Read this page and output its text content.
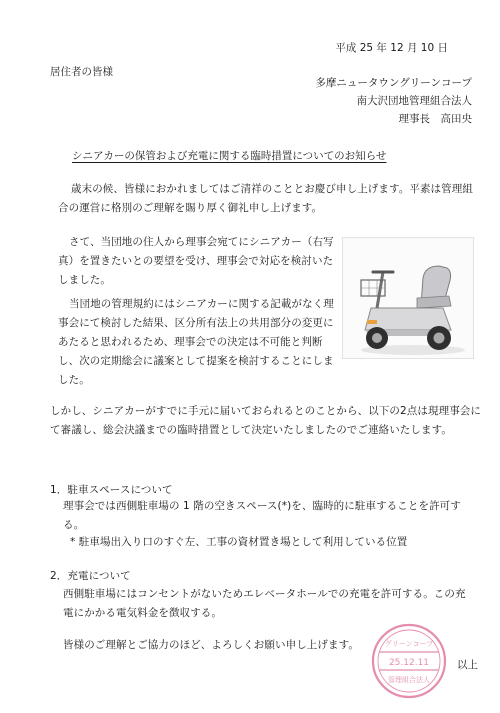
平成 25 年 12 月 10 日
居住者の皆様
多摩ニュータウングリーンコープ
南大沢団地管理組合法人
理事長　高田央
シニアカーの保管および充電に関する臨時措置についてのお知らせ
歳末の候、皆様におかれましてはご清祥のこととお慶び申し上げます。平素は管理組合の運営に格別のご理解を賜り厚く御礼申し上げます。
さて、当団地の住人から理事会宛てにシニアカー（右写真）を置きたいとの要望を受け、理事会で対応を検討いたしました。
当団地の管理規約にはシニアカーに関する記載がなく理事会にて検討した結果、区分所有法上の共用部分の変更にあたると思われるため、理事会での決定は不可能と判断し、次の定期総会に議案として提案を検討することにしました。
しかし、シニアカーがすでに手元に届いておられるとのことから、以下の2点は現理事会にて審議し、総会決議までの臨時措置として決定いたしましたのでご連絡いたします。
1．駐車スペースについて
理事会では西側駐車場の 1 階の空きスペース(*)を、臨時的に駐車することを許可する。
* 駐車場出入り口のすぐ左、工事の資材置き場として利用している位置
2．充電について
西側駐車場にはコンセントがないためエレベータホールでの充電を許可する。この充電にかかる電気料金を徴収する。
皆様のご理解とご協力のほど、よろしくお願い申し上げます。
以上
グリーンコープ
25.12.11
管理組合法人
